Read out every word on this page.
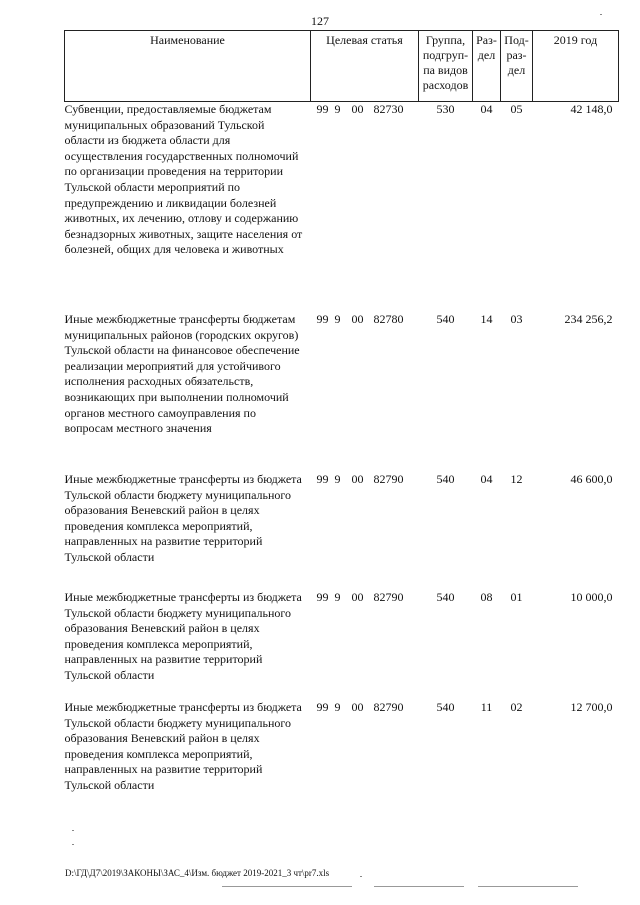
127
Наименование	Целевая статья	Группа, подгруп- па видов расходов	Раз- дел	Под- раз- дел	2019 год
Субвенции, предоставляемые бюджетам муниципальных образований Тульской области из бюджета области для осуществления государственных полномочий по организации проведения на территории Тульской области мероприятий по предупреждению и ликвидации болезней животных, их лечению, отлову и содержанию безнадзорных животных, защите населения от болезней, общих для человека и животных	99 9 00 82730	530	04	05	42 148,0
Иные межбюджетные трансферты бюджетам муниципальных районов (городских округов) Тульской области на финансовое обеспечение реализации мероприятий для устойчивого исполнения расходных обязательств, возникающих при выполнении полномочий органов местного самоуправления по вопросам местного значения	99 9 00 82780	540	14	03	234 256,2
Иные межбюджетные трансферты из бюджета Тульской области бюджету муниципального образования Веневский район в целях проведения комплекса мероприятий, направленных на развитие территорий Тульской области	99 9 00 82790	540	04	12	46 600,0
Иные межбюджетные трансферты из бюджета Тульской области бюджету муниципального образования Веневский район в целях проведения комплекса мероприятий, направленных на развитие территорий Тульской области	99 9 00 82790	540	08	01	10 000,0
Иные межбюджетные трансферты из бюджета Тульской области бюджету муниципального образования Веневский район в целях проведения комплекса мероприятий, направленных на развитие территорий Тульской области	99 9 00 82790	540	11	02	12 700,0
D:\ГД\Д7\2019\ЗАКОНЫ\ЗАС_4\Изм. бюджет 2019-2021_3 чт\pr7.xls
